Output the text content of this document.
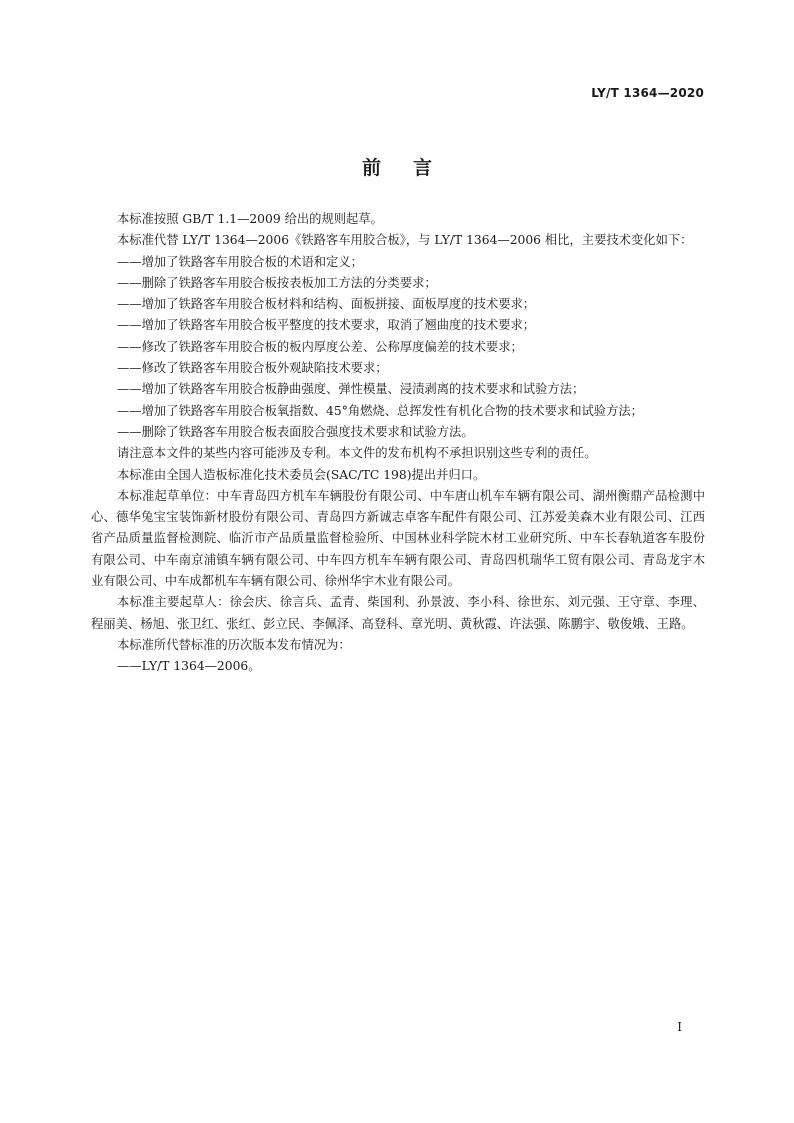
LY/T 1364—2020
前 言

本标准按照 GB/T 1.1—2009 给出的规则起草。

本标准代替 LY/T 1364—2006《铁路客车用胶合板》，与 LY/T 1364—2006 相比，主要技术变化如下：

——增加了铁路客车用胶合板的术语和定义；

——删除了铁路客车用胶合板按表板加工方法的分类要求；

——增加了铁路客车用胶合板材料和结构、面板拼接、面板厚度的技术要求；

——增加了铁路客车用胶合板平整度的技术要求，取消了翘曲度的技术要求；

——修改了铁路客车用胶合板的板内厚度公差、公称厚度偏差的技术要求；

——修改了铁路客车用胶合板外观缺陷技术要求；

——增加了铁路客车用胶合板静曲强度、弹性模量、浸渍剥离的技术要求和试验方法；

——增加了铁路客车用胶合板氧指数、45°角燃烧、总挥发性有机化合物的技术要求和试验方法；

——删除了铁路客车用胶合板表面胶合强度技术要求和试验方法。

请注意本文件的某些内容可能涉及专利。本文件的发布机构不承担识别这些专利的责任。

本标准由全国人造板标准化技术委员会(SAC/TC 198)提出并归口。

本标准起草单位：中车青岛四方机车车辆股份有限公司、中车唐山机车车辆有限公司、湖州衡鼎产品检测中心、德华兔宝宝装饰新材股份有限公司、青岛四方新诚志卓客车配件有限公司、江苏爱美森木业有限公司、江西省产品质量监督检测院、临沂市产品质量监督检验所、中国林业科学院木材工业研究所、中车长春轨道客车股份有限公司、中车南京浦镇车辆有限公司、中车四方机车车辆有限公司、青岛四机瑞华工贸有限公司、青岛龙宇木业有限公司、中车成都机车车辆有限公司、徐州华宇木业有限公司。

本标准主要起草人：徐会庆、徐言兵、孟青、柴国利、孙景波、李小科、徐世东、刘元强、王守章、李理、程丽美、杨旭、张卫红、张红、彭立民、李佩泽、高登科、章光明、黄秋霞、许法强、陈鹏宇、敬俊娥、王路。

本标准所代替标准的历次版本发布情况为：

——LY/T 1364—2006。

I
